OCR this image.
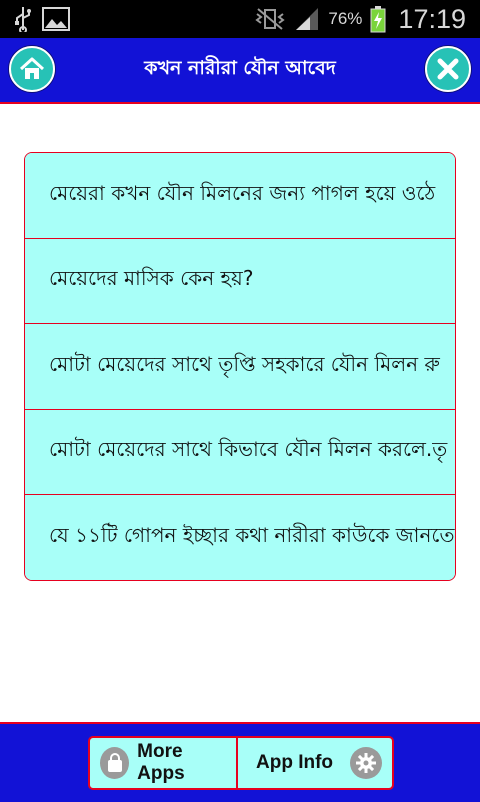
76% 17:19
কখন নারীরা যৌন আবেদ
মেয়েরা কখন যৌন মিলনের জন্য পাগল হয়ে ওঠে
মেয়েদের মাসিক কেন হয়?
মোটা মেয়েদের সাথে তৃপ্তি সহকারে যৌন মিলন রু
মোটা মেয়েদের সাথে কিভাবে যৌন মিলন করলে.তৃ
যে ১১টি গোপন ইচ্ছার কথা নারীরা কাউকে জানতে
More Apps
App Info
